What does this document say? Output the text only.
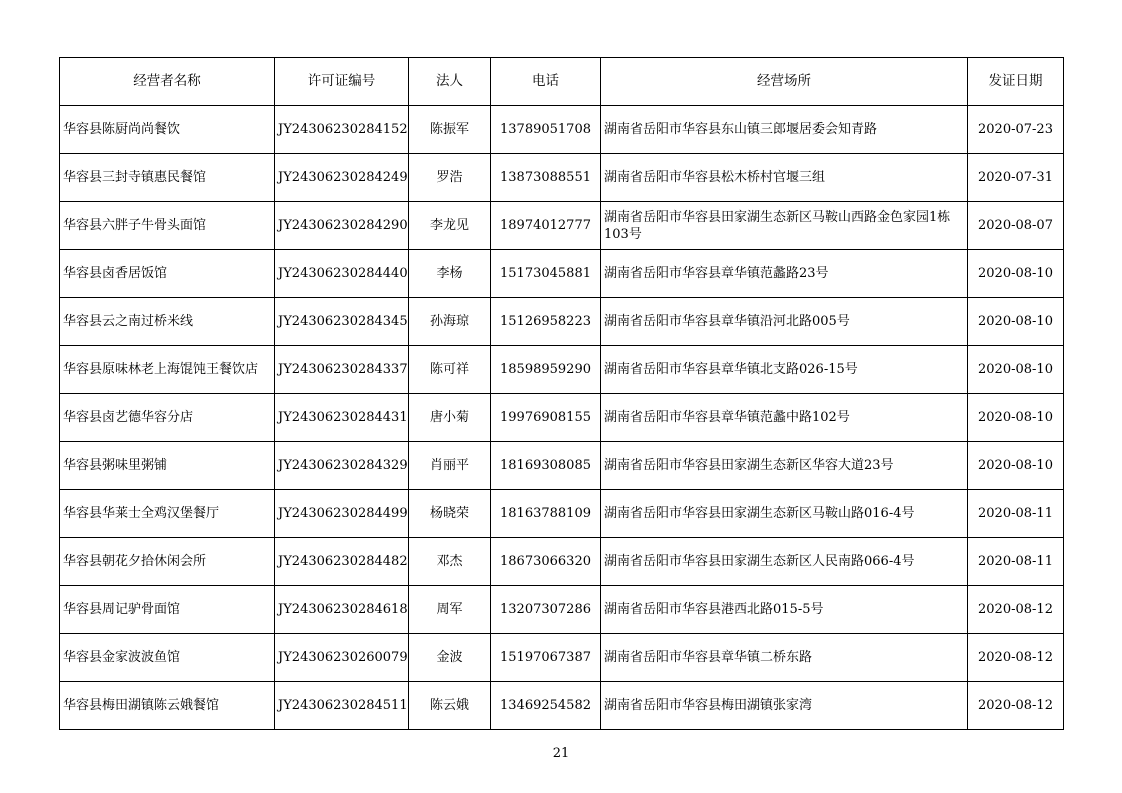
经营者名称	许可证编号	法人	电话	经营场所	发证日期
华容县陈厨尚尚餐饮	JY24306230284152	陈振军	13789051708	湖南省岳阳市华容县东山镇三郎堰居委会知青路	2020-07-23
华容县三封寺镇惠民餐馆	JY24306230284249	罗浩	13873088551	湖南省岳阳市华容县松木桥村官堰三组	2020-07-31
华容县六胖子牛骨头面馆	JY24306230284290	李龙见	18974012777	湖南省岳阳市华容县田家湖生态新区马鞍山西路金色家园1栋103号	2020-08-07
华容县卤香居饭馆	JY24306230284440	李杨	15173045881	湖南省岳阳市华容县章华镇范蠡路23号	2020-08-10
华容县云之南过桥米线	JY24306230284345	孙海琼	15126958223	湖南省岳阳市华容县章华镇沿河北路005号	2020-08-10
华容县原味林老上海馄饨王餐饮店	JY24306230284337	陈可祥	18598959290	湖南省岳阳市华容县章华镇北支路026-15号	2020-08-10
华容县卤艺德华容分店	JY24306230284431	唐小菊	19976908155	湖南省岳阳市华容县章华镇范蠡中路102号	2020-08-10
华容县粥味里粥铺	JY24306230284329	肖丽平	18169308085	湖南省岳阳市华容县田家湖生态新区华容大道23号	2020-08-10
华容县华莱士全鸡汉堡餐厅	JY24306230284499	杨晓荣	18163788109	湖南省岳阳市华容县田家湖生态新区马鞍山路016-4号	2020-08-11
华容县朝花夕拾休闲会所	JY24306230284482	邓杰	18673066320	湖南省岳阳市华容县田家湖生态新区人民南路066-4号	2020-08-11
华容县周记驴骨面馆	JY24306230284618	周军	13207307286	湖南省岳阳市华容县港西北路015-5号	2020-08-12
华容县金家波波鱼馆	JY24306230260079	金波	15197067387	湖南省岳阳市华容县章华镇二桥东路	2020-08-12
华容县梅田湖镇陈云娥餐馆	JY24306230284511	陈云娥	13469254582	湖南省岳阳市华容县梅田湖镇张家湾	2020-08-12
21
